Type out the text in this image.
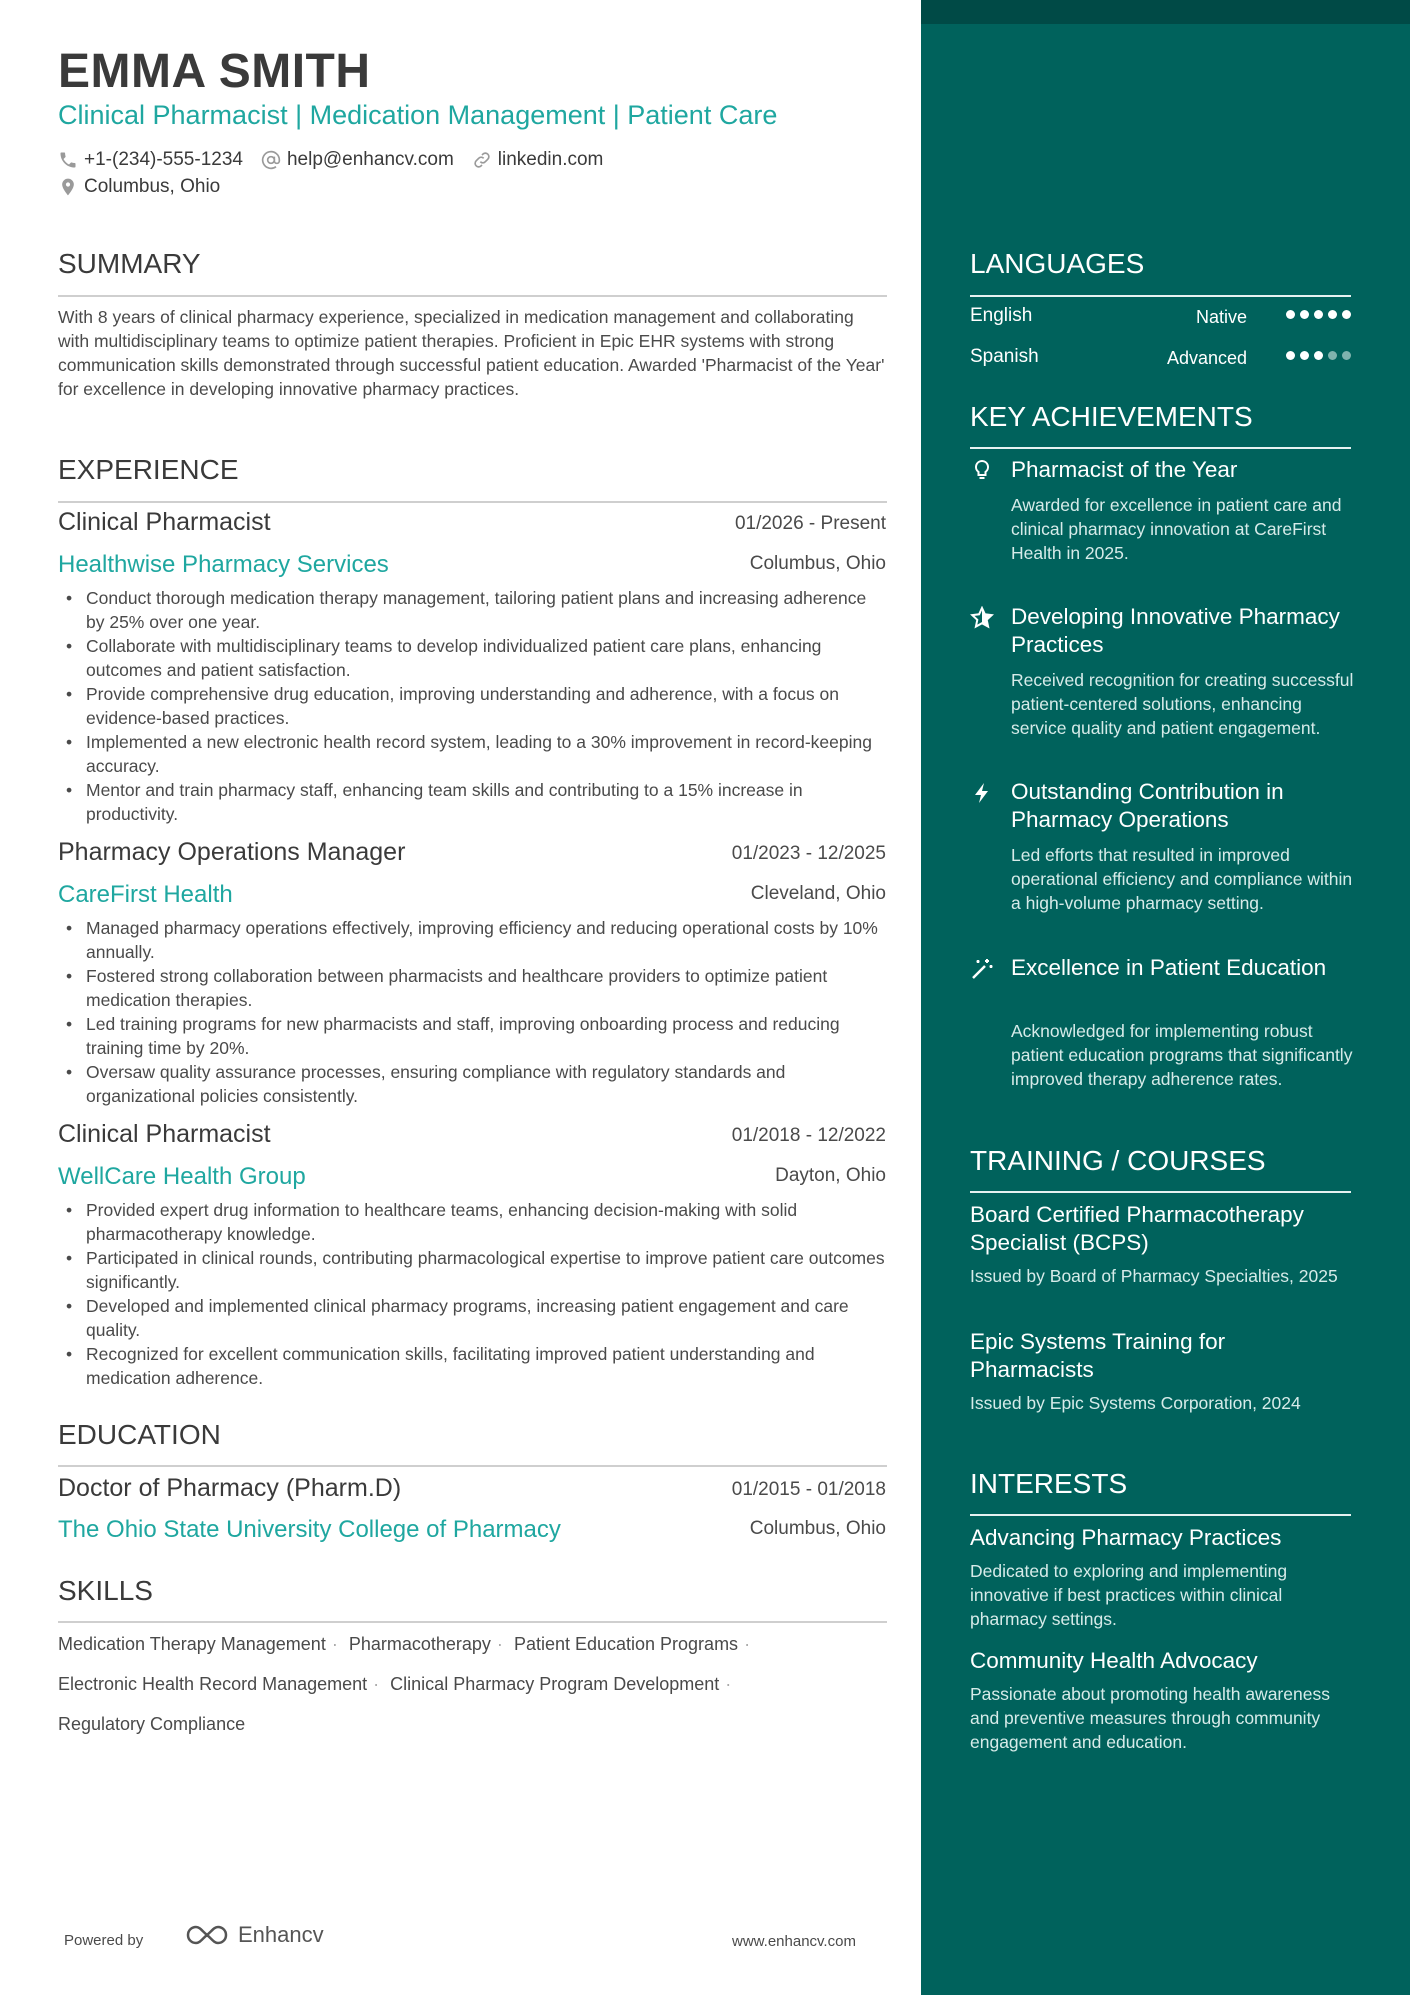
EMMA SMITH
Clinical Pharmacist | Medication Management | Patient Care
+1-(234)-555-1234 help@enhancv.com linkedin.com
Columbus, Ohio
SUMMARY
With 8 years of clinical pharmacy experience, specialized in medication management and collaborating with multidisciplinary teams to optimize patient therapies. Proficient in Epic EHR systems with strong communication skills demonstrated through successful patient education. Awarded 'Pharmacist of the Year' for excellence in developing innovative pharmacy practices.
EXPERIENCE
Clinical Pharmacist	01/2026 - Present
Healthwise Pharmacy Services	Columbus, Ohio
• Conduct thorough medication therapy management, tailoring patient plans and increasing adherence by 25% over one year.
• Collaborate with multidisciplinary teams to develop individualized patient care plans, enhancing outcomes and patient satisfaction.
• Provide comprehensive drug education, improving understanding and adherence, with a focus on evidence-based practices.
• Implemented a new electronic health record system, leading to a 30% improvement in record-keeping accuracy.
• Mentor and train pharmacy staff, enhancing team skills and contributing to a 15% increase in productivity.
Pharmacy Operations Manager	01/2023 - 12/2025
CareFirst Health	Cleveland, Ohio
• Managed pharmacy operations effectively, improving efficiency and reducing operational costs by 10% annually.
• Fostered strong collaboration between pharmacists and healthcare providers to optimize patient medication therapies.
• Led training programs for new pharmacists and staff, improving onboarding process and reducing training time by 20%.
• Oversaw quality assurance processes, ensuring compliance with regulatory standards and organizational policies consistently.
Clinical Pharmacist	01/2018 - 12/2022
WellCare Health Group	Dayton, Ohio
• Provided expert drug information to healthcare teams, enhancing decision-making with solid pharmacotherapy knowledge.
• Participated in clinical rounds, contributing pharmacological expertise to improve patient care outcomes significantly.
• Developed and implemented clinical pharmacy programs, increasing patient engagement and care quality.
• Recognized for excellent communication skills, facilitating improved patient understanding and medication adherence.
EDUCATION
Doctor of Pharmacy (Pharm.D)	01/2015 - 01/2018
The Ohio State University College of Pharmacy	Columbus, Ohio
SKILLS
Medication Therapy Management · Pharmacotherapy · Patient Education Programs ·
Electronic Health Record Management · Clinical Pharmacy Program Development ·
Regulatory Compliance
Powered by	Enhancv	www.enhancv.com
LANGUAGES
English	Native
Spanish	Advanced
KEY ACHIEVEMENTS
Pharmacist of the Year
Awarded for excellence in patient care and clinical pharmacy innovation at CareFirst Health in 2025.
Developing Innovative Pharmacy Practices
Received recognition for creating successful patient-centered solutions, enhancing service quality and patient engagement.
Outstanding Contribution in Pharmacy Operations
Led efforts that resulted in improved operational efficiency and compliance within a high-volume pharmacy setting.
Excellence in Patient Education
Acknowledged for implementing robust patient education programs that significantly improved therapy adherence rates.
TRAINING / COURSES
Board Certified Pharmacotherapy Specialist (BCPS)
Issued by Board of Pharmacy Specialties, 2025
Epic Systems Training for Pharmacists
Issued by Epic Systems Corporation, 2024
INTERESTS
Advancing Pharmacy Practices
Dedicated to exploring and implementing innovative if best practices within clinical pharmacy settings.
Community Health Advocacy
Passionate about promoting health awareness and preventive measures through community engagement and education.
